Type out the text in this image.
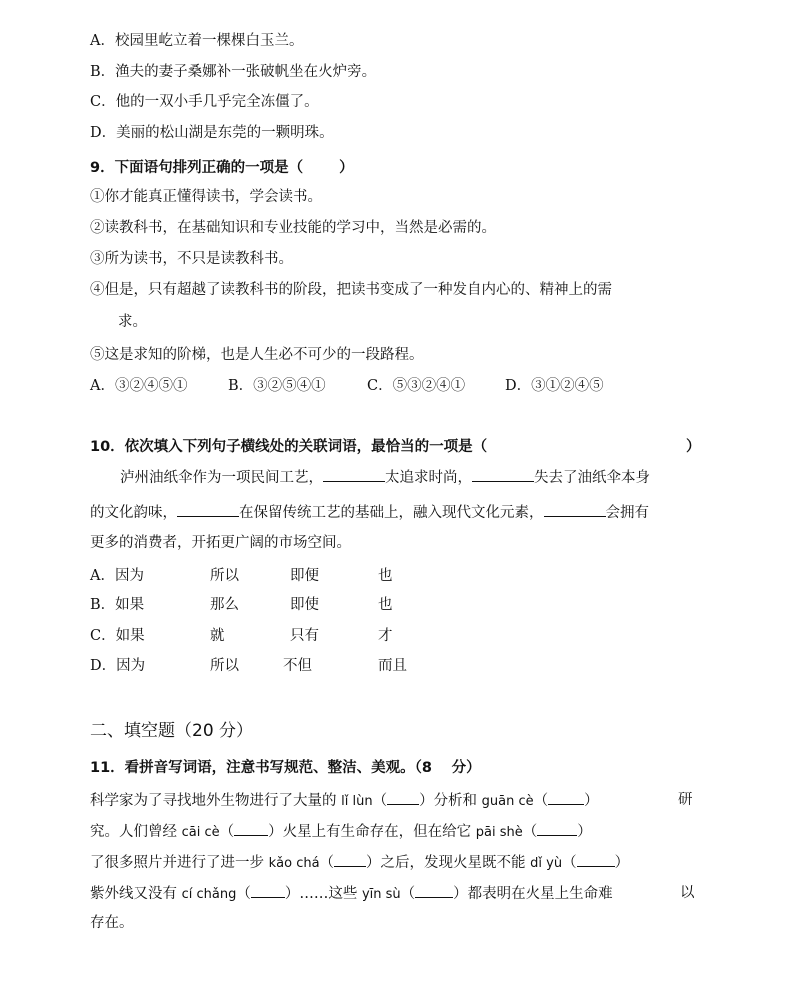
A．校园里屹立着一棵棵白玉兰。
B．渔夫的妻子桑娜补一张破帆坐在火炉旁。
C．他的一双小手几乎完全冻僵了。
D．美丽的松山湖是东莞的一颗明珠。
9．下面语句排列正确的一项是（ ）
①你才能真正懂得读书，学会读书。
②读教科书，在基础知识和专业技能的学习中，当然是必需的。
③所为读书，不只是读教科书。
④但是，只有超越了读教科书的阶段，把读书变成了一种发自内心的、精神上的需
求。
⑤这是求知的阶梯，也是人生必不可少的一段路程。
A．③②④⑤①	B．③②⑤④①	C．⑤③②④①	D．③①②④⑤
10．依次填入下列句子横线处的关联词语，最恰当的一项是（	）
泸州油纸伞作为一项民间工艺，	太追求时尚，	失去了油纸伞本身
的文化韵味，	在保留传统工艺的基础上，融入现代文化元素，	会拥有
更多的消费者，开拓更广阔的市场空间。
A．因为	所以	即便	也
B．如果	那么	即使	也
C．如果	就	只有	才
D．因为	所以	不但	而且
二、填空题（20 分）
11．看拼音写词语，注意书写规范、整洁、美观。（8　 分）
科学家为了寻找地外生物进行了大量的 lǐ lùn（ ）分析和 guān cè（ ）	研
究。人们曾经 cāi cè（ ）火星上有生命存在，但在给它 pāi shè（	）
了很多照片并进行了进一步 kǎo chá（ ）之后，发现火星既不能 dǐ yù（	）
紫外线又没有 cí chǎng（ ）……这些 yīn sù（	）都表明在火星上生命难	以
存在。
